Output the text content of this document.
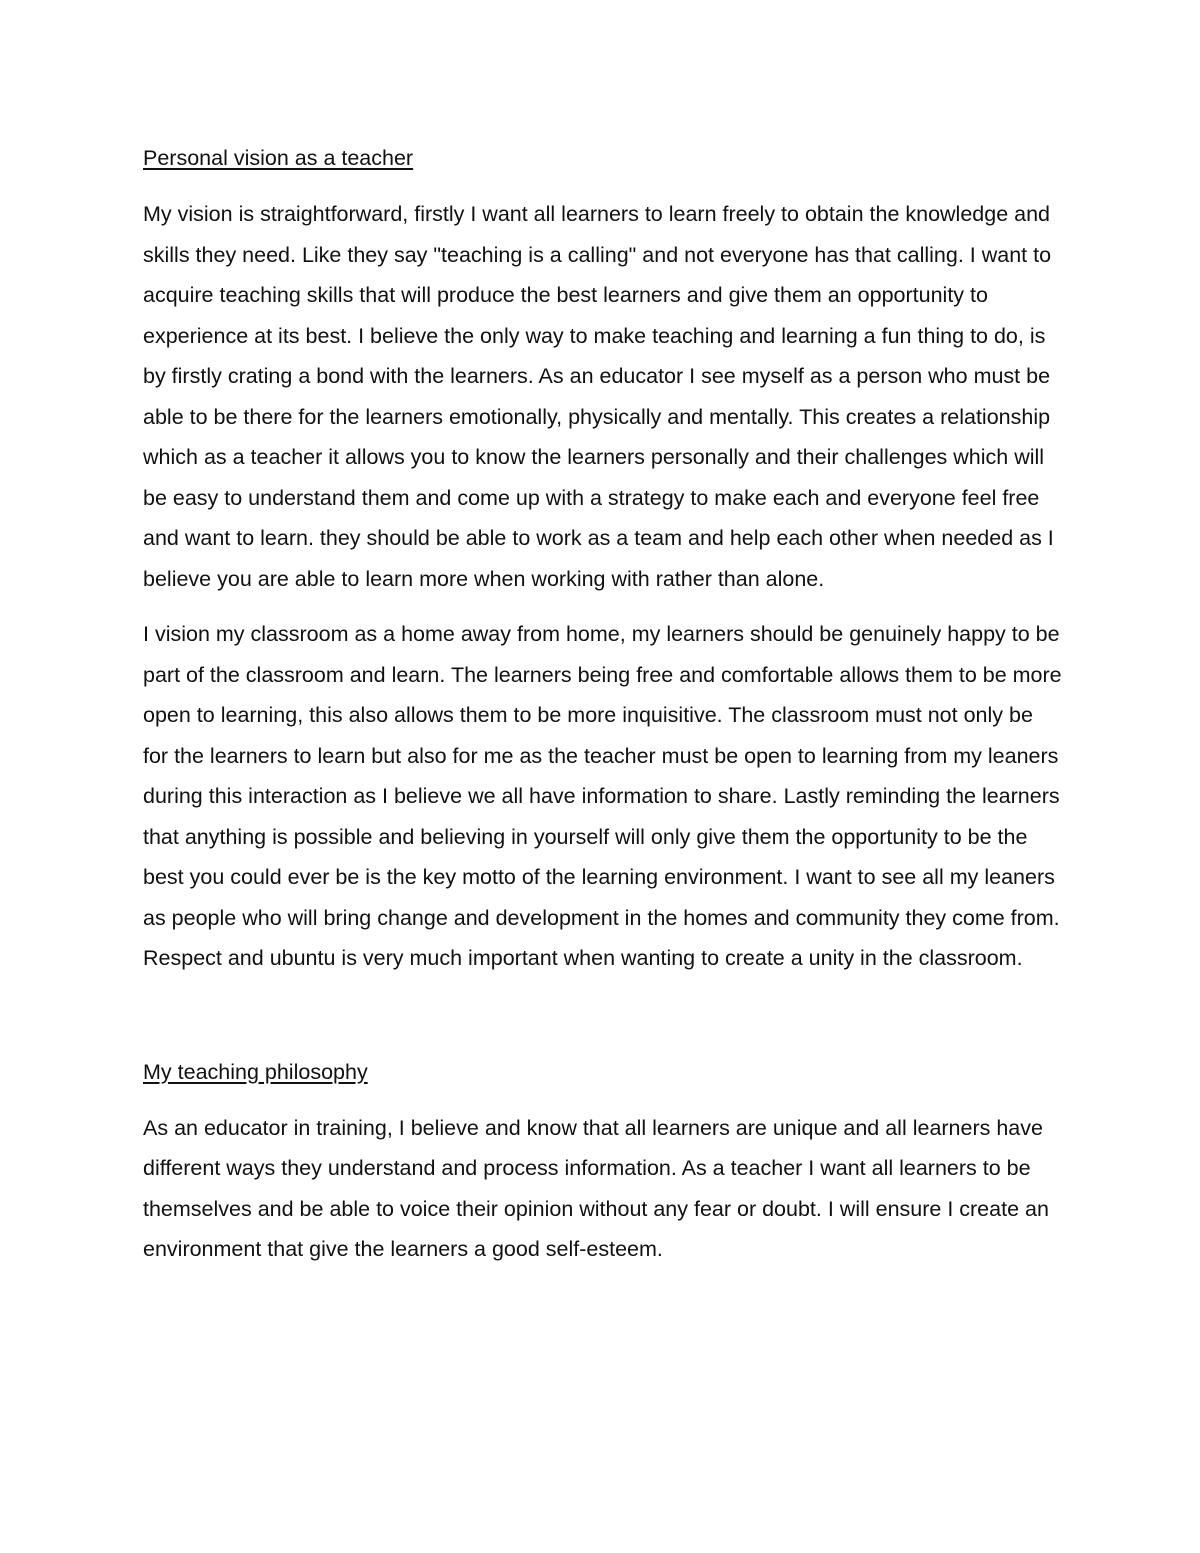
Personal vision as a teacher
My vision is straightforward, firstly I want all learners to learn freely to obtain the knowledge and skills they need. Like they say "teaching is a calling" and not everyone has that calling. I want to acquire teaching skills that will produce the best learners and give them an opportunity to experience at its best. I believe the only way to make teaching and learning a fun thing to do, is by firstly crating a bond with the learners. As an educator I see myself as a person who must be able to be there for the learners emotionally, physically and mentally. This creates a relationship which as a teacher it allows you to know the learners personally and their challenges which will be easy to understand them and come up with a strategy to make each and everyone feel free and want to learn. they should be able to work as a team and help each other when needed as I believe you are able to learn more when working with rather than alone.
I vision my classroom as a home away from home, my learners should be genuinely happy to be part of the classroom and learn. The learners being free and comfortable allows them to be more open to learning, this also allows them to be more inquisitive. The classroom must not only be for the learners to learn but also for me as the teacher must be open to learning from my leaners during this interaction as I believe we all have information to share. Lastly reminding the learners that anything is possible and believing in yourself will only give them the opportunity to be the best you could ever be is the key motto of the learning environment. I want to see all my leaners as people who will bring change and development in the homes and community they come from. Respect and ubuntu is very much important when wanting to create a unity in the classroom.
My teaching philosophy
As an educator in training, I believe and know that all learners are unique and all learners have different ways they understand and process information. As a teacher I want all learners to be themselves and be able to voice their opinion without any fear or doubt. I will ensure I create an environment that give the learners a good self-esteem.
